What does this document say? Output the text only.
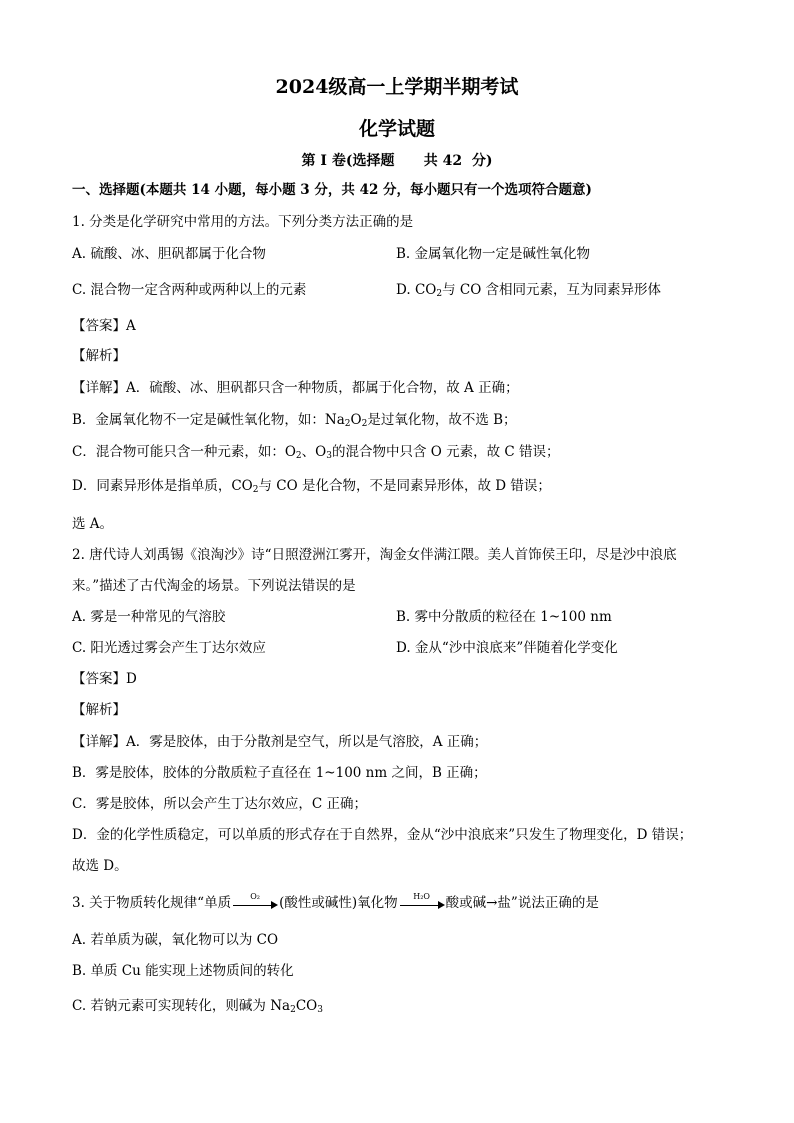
2024级高一上学期半期考试
化学试题
第 I 卷(选择题      共 42  分)
一、选择题(本题共 14 小题，每小题 3 分，共 42 分，每小题只有一个选项符合题意)
1. 分类是化学研究中常用的方法。下列分类方法正确的是
A. 硫酸、冰、胆矾都属于化合物	B. 金属氧化物一定是碱性氧化物
C. 混合物一定含两种或两种以上的元素	D. $CO_2$与 CO 含相同元素，互为同素异形体
【答案】A
【解析】
【详解】A．硫酸、冰、胆矾都只含一种物质，都属于化合物，故 A 正确；
B．金属氧化物不一定是碱性氧化物，如：$Na_2O_2$是过氧化物，故不选 B；
C．混合物可能只含一种元素，如：$O_2$、$O_3$的混合物中只含 O 元素，故 C 错误；
D．同素异形体是指单质，$CO_2$与 CO 是化合物，不是同素异形体，故 D 错误；
选 A。
2. 唐代诗人刘禹锡《浪淘沙》诗“日照澄洲江雾开，淘金女伴满江隈。美人首饰侯王印，尽是沙中浪底
来。”描述了古代淘金的场景。下列说法错误的是
A. 雾是一种常见的气溶胶	B. 雾中分散质的粒径在 1~100 nm
C. 阳光透过雾会产生丁达尔效应	D. 金从“沙中浪底来”伴随着化学变化
【答案】D
【解析】
【详解】A．雾是胶体，由于分散剂是空气，所以是气溶胶，A 正确；
B．雾是胶体，胶体的分散质粒子直径在 1~100 nm 之间，B 正确；
C．雾是胶体，所以会产生丁达尔效应，C 正确；
D．金的化学性质稳定，可以单质的形式存在于自然界，金从“沙中浪底来”只发生了物理变化，D 错误；
故选 D。
3. 关于物质转化规律“单质	O₂	(酸性或碱性)氧化物	H₂O	酸或碱→盐”说法正确的是
A. 若单质为碳，氧化物可以为 CO
B. 单质 Cu 能实现上述物质间的转化
C. 若钠元素可实现转化，则碱为 $Na_2CO_3$
